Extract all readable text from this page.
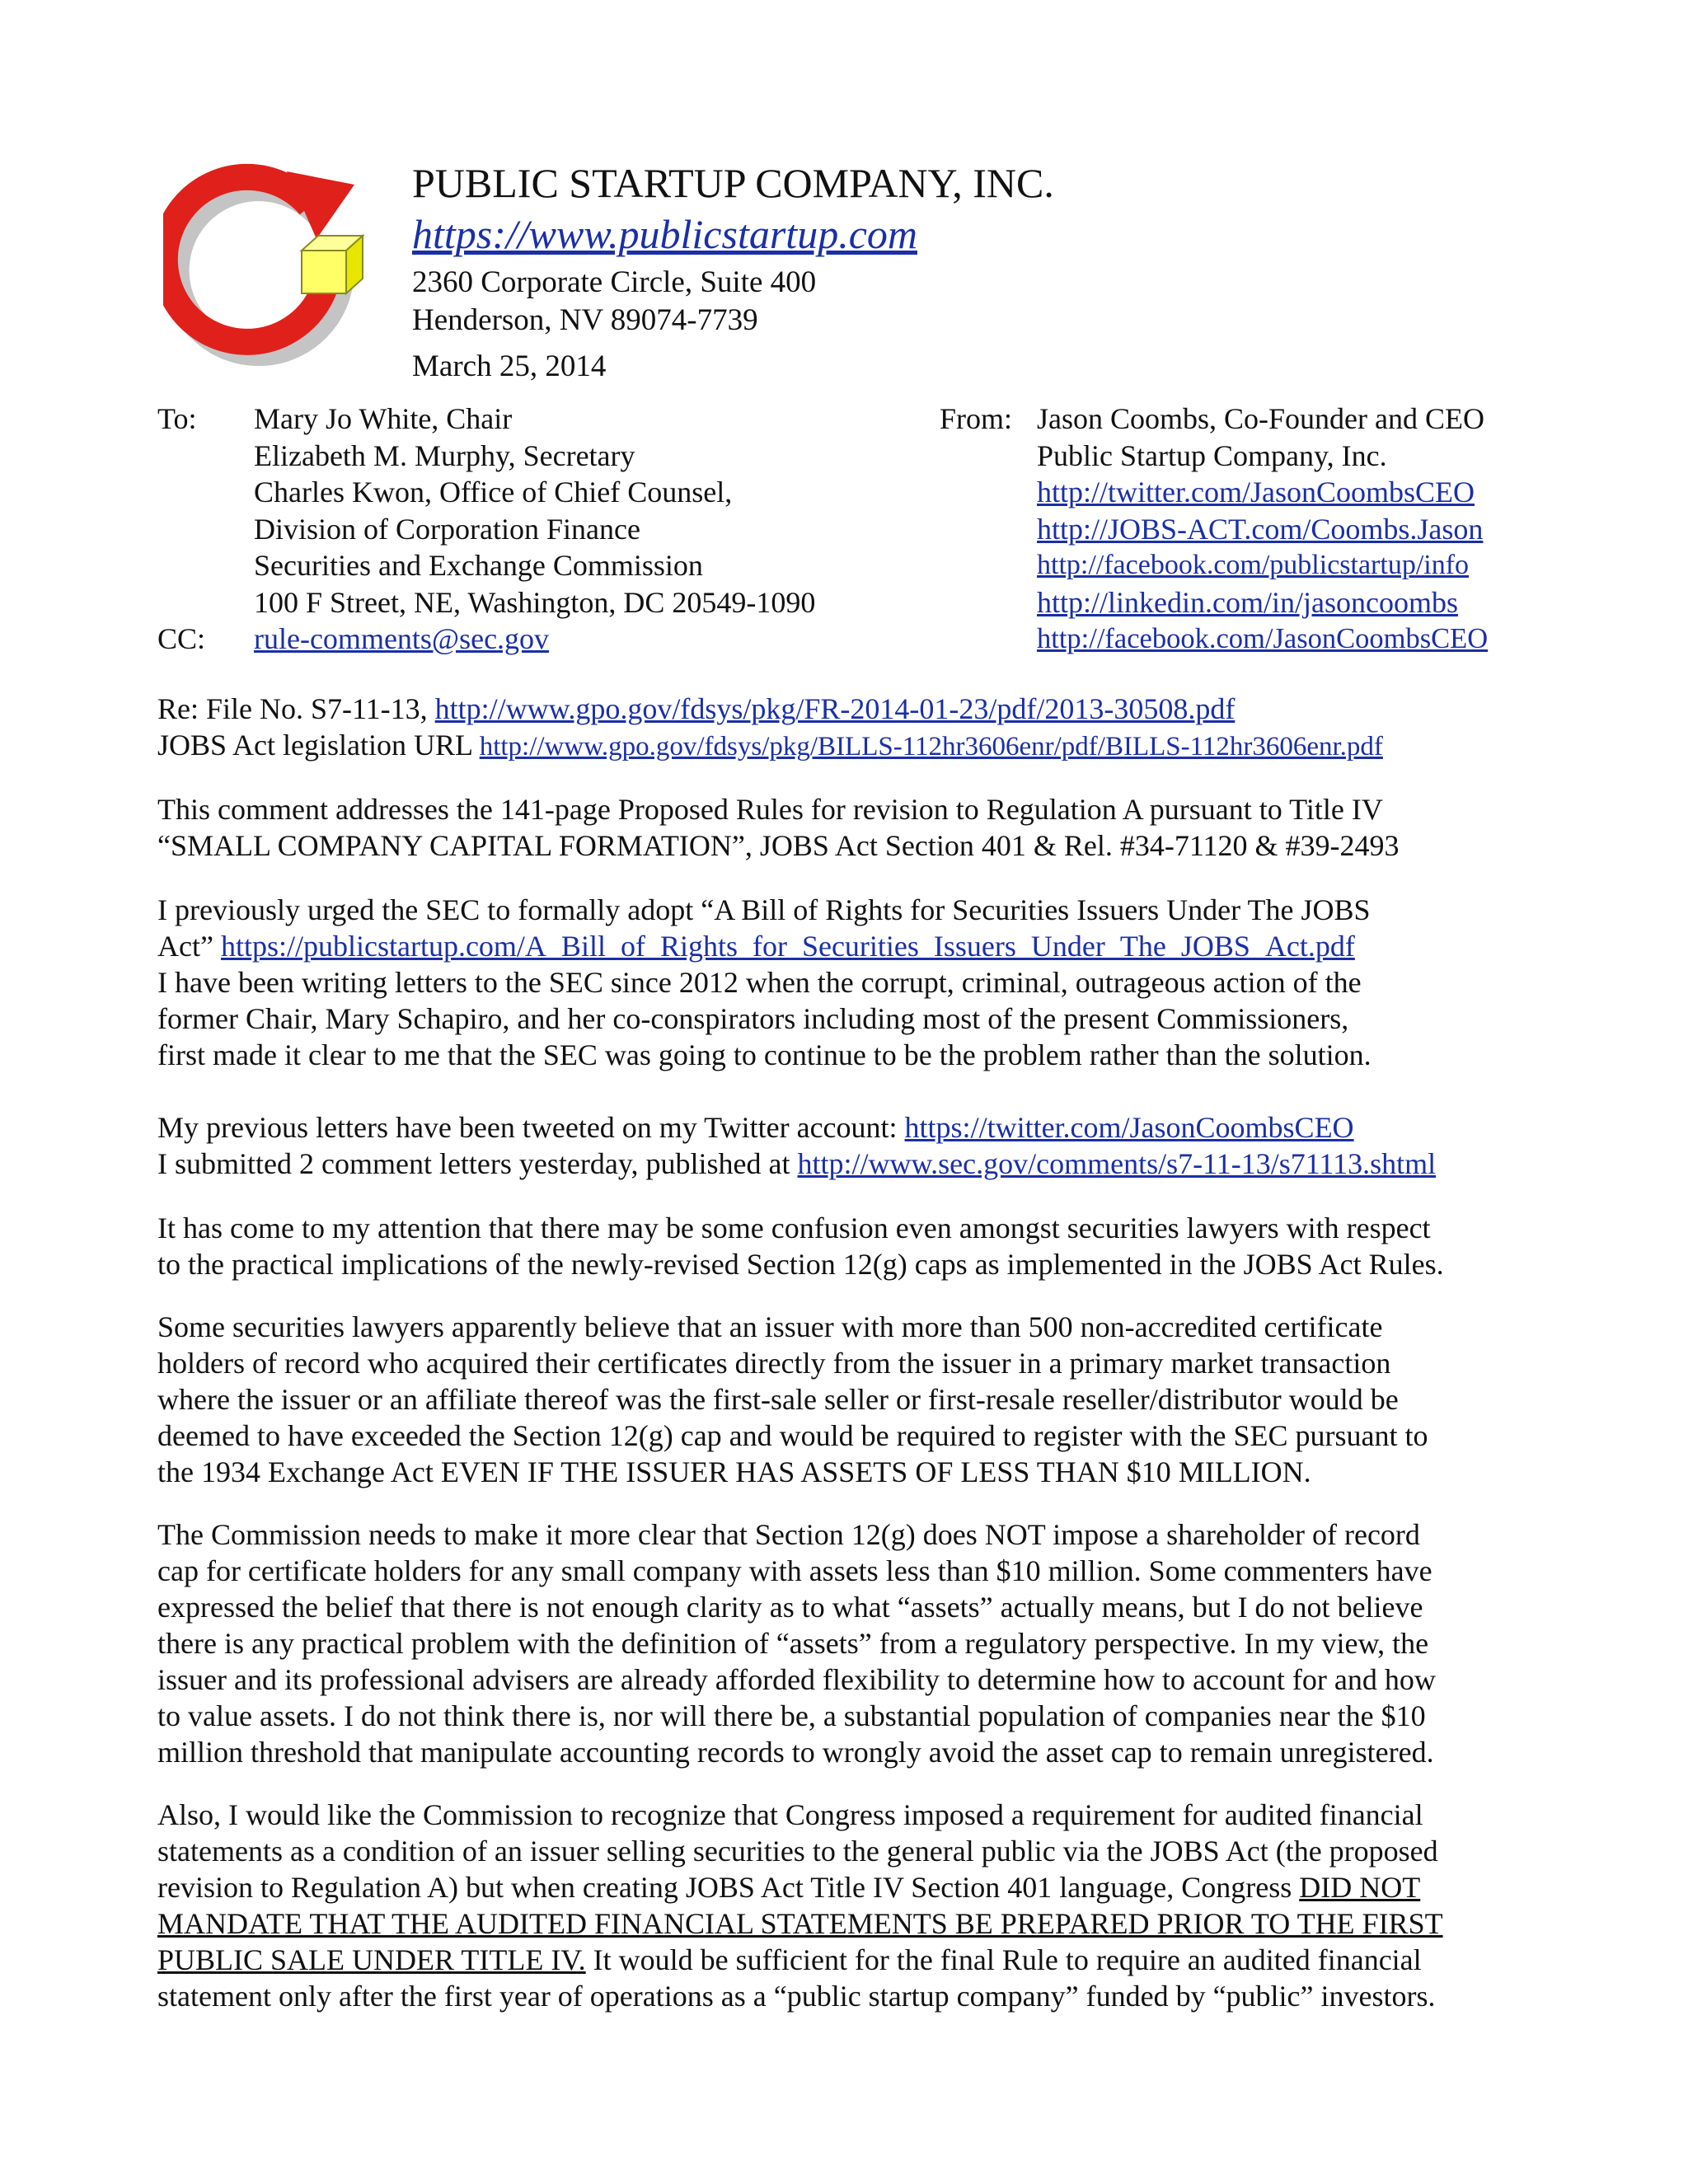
PUBLIC STARTUP COMPANY, INC.
https://www.publicstartup.com
2360 Corporate Circle, Suite 400
Henderson, NV 89074-7739
March 25, 2014
To: Mary Jo White, Chair
Elizabeth M. Murphy, Secretary
Charles Kwon, Office of Chief Counsel,
Division of Corporation Finance
Securities and Exchange Commission
100 F Street, NE, Washington, DC 20549-1090
CC: rule-comments@sec.gov
From: Jason Coombs, Co-Founder and CEO
Public Startup Company, Inc.
http://twitter.com/JasonCoombsCEO
http://JOBS-ACT.com/Coombs.Jason
http://facebook.com/publicstartup/info
http://linkedin.com/in/jasoncoombs
http://facebook.com/JasonCoombsCEO
Re: File No. S7-11-13, http://www.gpo.gov/fdsys/pkg/FR-2014-01-23/pdf/2013-30508.pdf
JOBS Act legislation URL http://www.gpo.gov/fdsys/pkg/BILLS-112hr3606enr/pdf/BILLS-112hr3606enr.pdf
This comment addresses the 141-page Proposed Rules for revision to Regulation A pursuant to Title IV
“SMALL COMPANY CAPITAL FORMATION”, JOBS Act Section 401 & Rel. #34-71120 & #39-2493
I previously urged the SEC to formally adopt “A Bill of Rights for Securities Issuers Under The JOBS
Act” https://publicstartup.com/A_Bill_of_Rights_for_Securities_Issuers_Under_The_JOBS_Act.pdf
I have been writing letters to the SEC since 2012 when the corrupt, criminal, outrageous action of the
former Chair, Mary Schapiro, and her co-conspirators including most of the present Commissioners,
first made it clear to me that the SEC was going to continue to be the problem rather than the solution.
My previous letters have been tweeted on my Twitter account: https://twitter.com/JasonCoombsCEO
I submitted 2 comment letters yesterday, published at http://www.sec.gov/comments/s7-11-13/s71113.shtml
It has come to my attention that there may be some confusion even amongst securities lawyers with respect
to the practical implications of the newly-revised Section 12(g) caps as implemented in the JOBS Act Rules.
Some securities lawyers apparently believe that an issuer with more than 500 non-accredited certificate
holders of record who acquired their certificates directly from the issuer in a primary market transaction
where the issuer or an affiliate thereof was the first-sale seller or first-resale reseller/distributor would be
deemed to have exceeded the Section 12(g) cap and would be required to register with the SEC pursuant to
the 1934 Exchange Act EVEN IF THE ISSUER HAS ASSETS OF LESS THAN $10 MILLION.
The Commission needs to make it more clear that Section 12(g) does NOT impose a shareholder of record
cap for certificate holders for any small company with assets less than $10 million. Some commenters have
expressed the belief that there is not enough clarity as to what “assets” actually means, but I do not believe
there is any practical problem with the definition of “assets” from a regulatory perspective. In my view, the
issuer and its professional advisers are already afforded flexibility to determine how to account for and how
to value assets. I do not think there is, nor will there be, a substantial population of companies near the $10
million threshold that manipulate accounting records to wrongly avoid the asset cap to remain unregistered.
Also, I would like the Commission to recognize that Congress imposed a requirement for audited financial
statements as a condition of an issuer selling securities to the general public via the JOBS Act (the proposed
revision to Regulation A) but when creating JOBS Act Title IV Section 401 language, Congress DID NOT
MANDATE THAT THE AUDITED FINANCIAL STATEMENTS BE PREPARED PRIOR TO THE FIRST
PUBLIC SALE UNDER TITLE IV. It would be sufficient for the final Rule to require an audited financial
statement only after the first year of operations as a “public startup company” funded by “public” investors.
